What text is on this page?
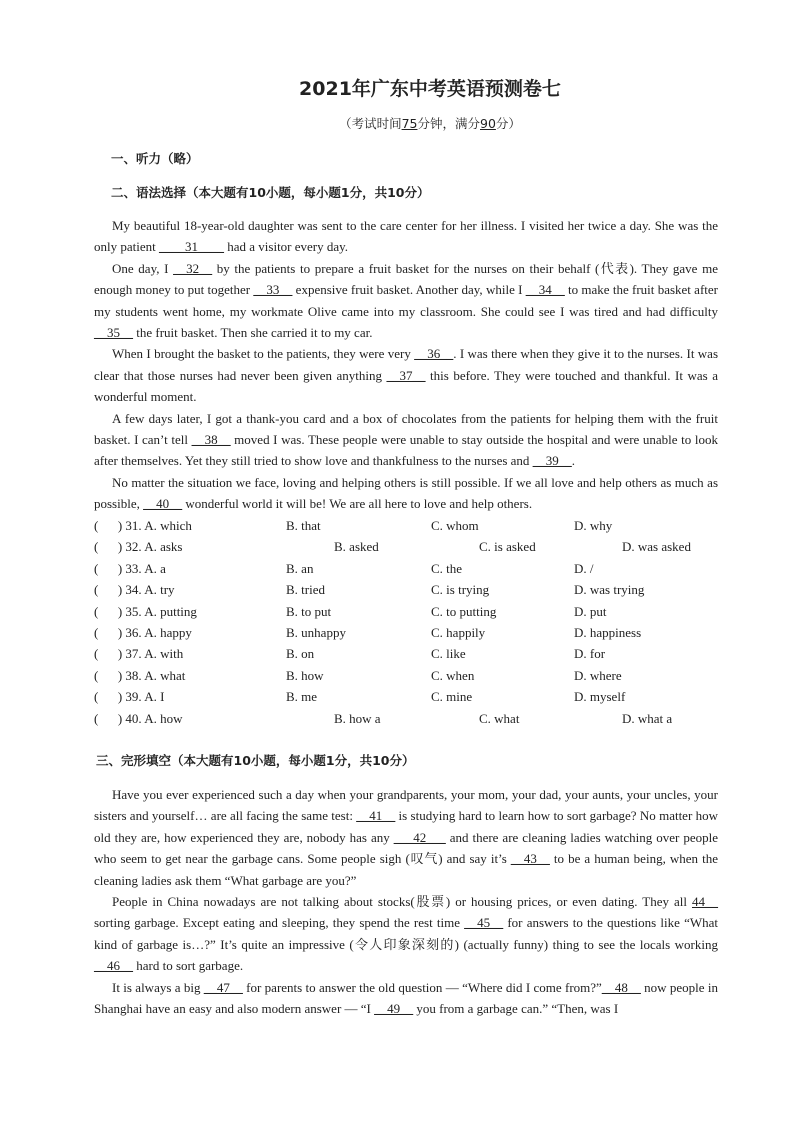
2021年广东中考英语预测卷七
（考试时间75分钟，满分90分）
一、听力（略）
二、语法选择（本大题有10小题，每小题1分，共10分）

My beautiful 18-year-old daughter was sent to the care center for her illness. I visited her twice a day. She was the only patient ____31____ had a visitor every day.

One day, I __32__ by the patients to prepare a fruit basket for the nurses on their behalf (代表). They gave me enough money to put together __33__ expensive fruit basket. Another day, while I __34__ to make the fruit basket after my students went home, my workmate Olive came into my classroom. She could see I was tired and had difficulty __35__ the fruit basket. Then she carried it to my car.

When I brought the basket to the patients, they were very __36__. I was there when they give it to the nurses. It was clear that those nurses had never been given anything __37__ this before. They were touched and thankful. It was a wonderful moment.

A few days later, I got a thank-you card and a box of chocolates from the patients for helping them with the fruit basket. I can’t tell __38__ moved I was. These people were unable to stay outside the hospital and were unable to look after themselves. Yet they still tried to show love and thankfulness to the nurses and __39__.

No matter the situation we face, loving and helping others is still possible. If we all love and help others as much as possible, __40__ wonderful world it will be! We are all here to love and help others.

(      ) 31. A. which	B. that	C. whom	D. why
(      ) 32. A. asks	B. asked	C. is asked	D. was asked
(      ) 33. A. a	B. an	C. the	D. /
(      ) 34. A. try	B. tried	C. is trying	D. was trying
(      ) 35. A. putting	B. to put	C. to putting	D. put
(      ) 36. A. happy	B. unhappy	C. happily	D. happiness
(      ) 37. A. with	B. on	C. like	D. for
(      ) 38. A. what	B. how	C. when	D. where
(      ) 39. A. I	B. me	C. mine	D. myself
(      ) 40. A. how	B. how a	C. what	D. what a
三、完形填空（本大题有10小题，每小题1分，共10分）

Have you ever experienced such a day when your grandparents, your mom, your dad, your aunts, your uncles, your sisters and yourself… are all facing the same test: __41__ is studying hard to learn how to sort garbage? No matter how old they are, how experienced they are, nobody has any ___42___ and there are cleaning ladies watching over people who seem to get near the garbage cans. Some people sigh (叹气) and say it’s __43__ to be a human being, when the cleaning ladies ask them “What garbage are you?”

People in China nowadays are not talking about stocks(股票) or housing prices, or even dating. They all 44__ sorting garbage. Except eating and sleeping, they spend the rest time __45__ for answers to the questions like “What kind of garbage is…?” It’s quite an impressive (令人印象深刻的) (actually funny) thing to see the locals working __46__ hard to sort garbage.

It is always a big __47__ for parents to answer the old question — “Where did I come from?”__48__ now people in Shanghai have an easy and also modern answer — “I __49__ you from a garbage can.” “Then, was I
